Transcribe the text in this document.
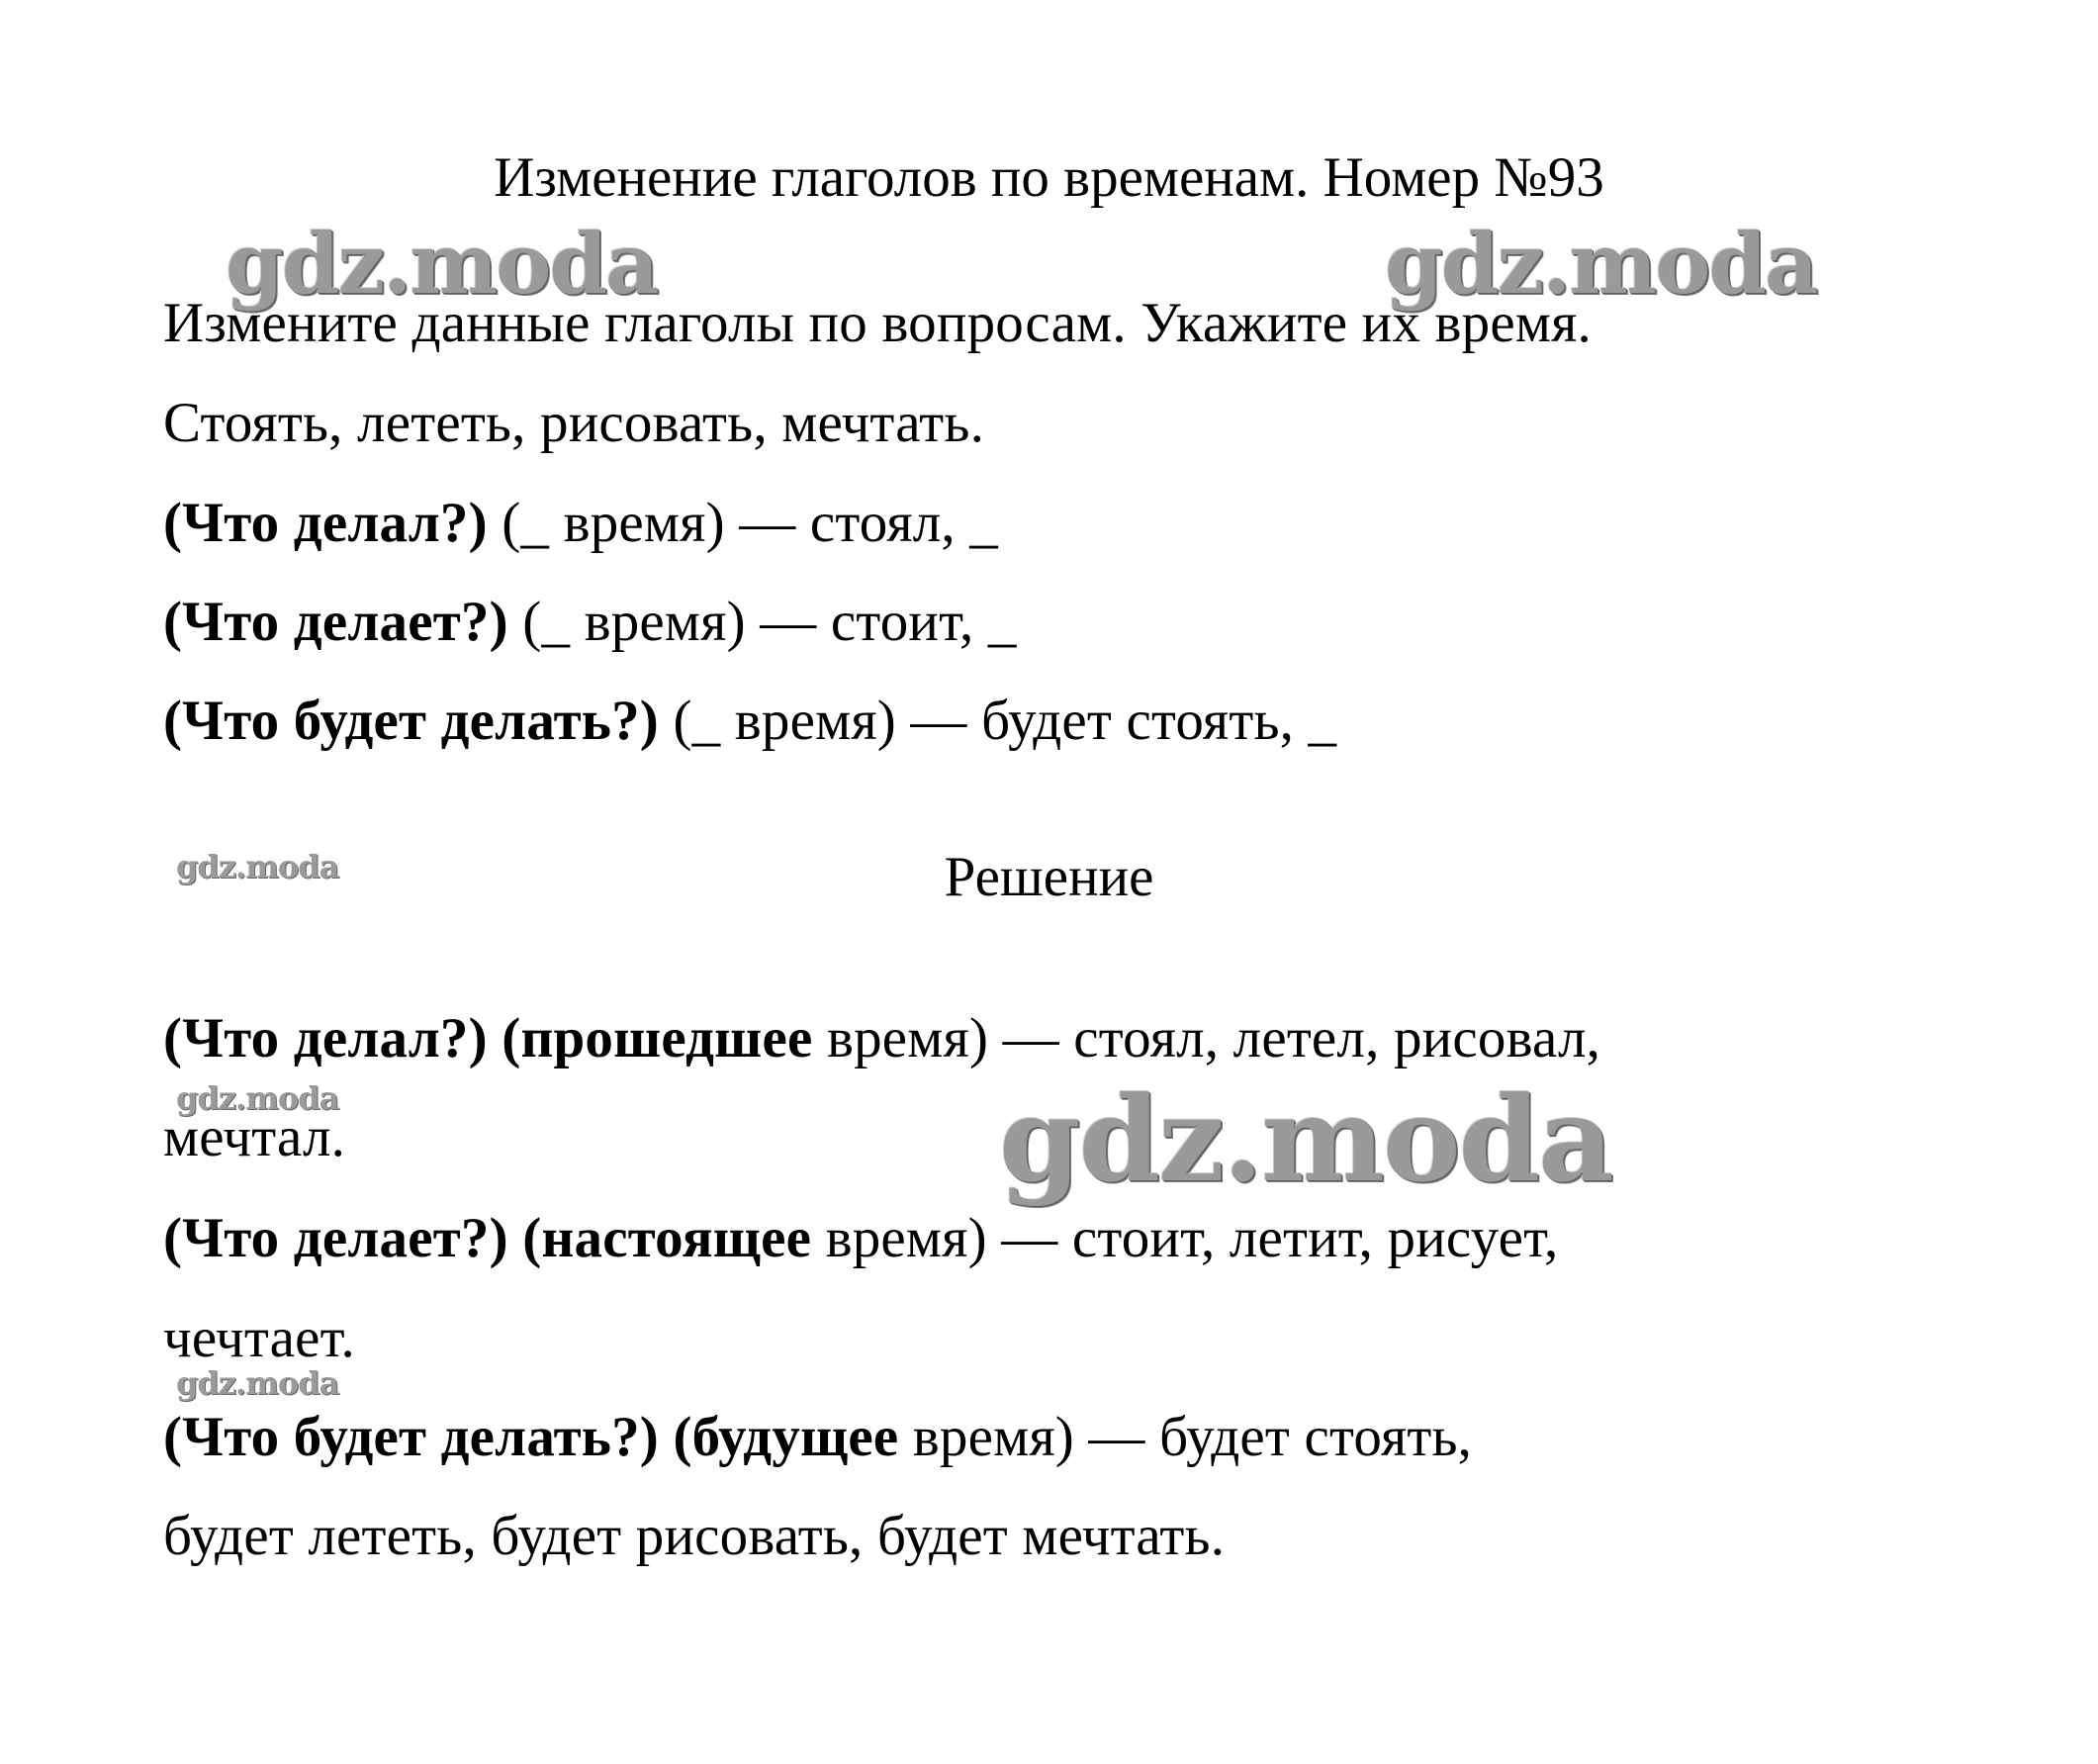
Изменение глаголов по временам. Номер №93
gdz.moda	gdz.moda
Измените данные глаголы по вопросам. Укажите их время.
Стоять, лететь, рисовать, мечтать.
(Что делал?) (_ время) — стоял, _
(Что делает?) (_ время) — стоит, _
(Что будет делать?) (_ время) — будет стоять, _
gdz.moda	Решение
(Что делал?) (прошедшее время) — стоял, летел, рисовал,
gdz.moda
мечтал.	gdz.moda
(Что делает?) (настоящее время) — стоит, летит, рисует,
чечтает.
gdz.moda
(Что будет делать?) (будущее время) — будет стоять,
будет лететь, будет рисовать, будет мечтать.
